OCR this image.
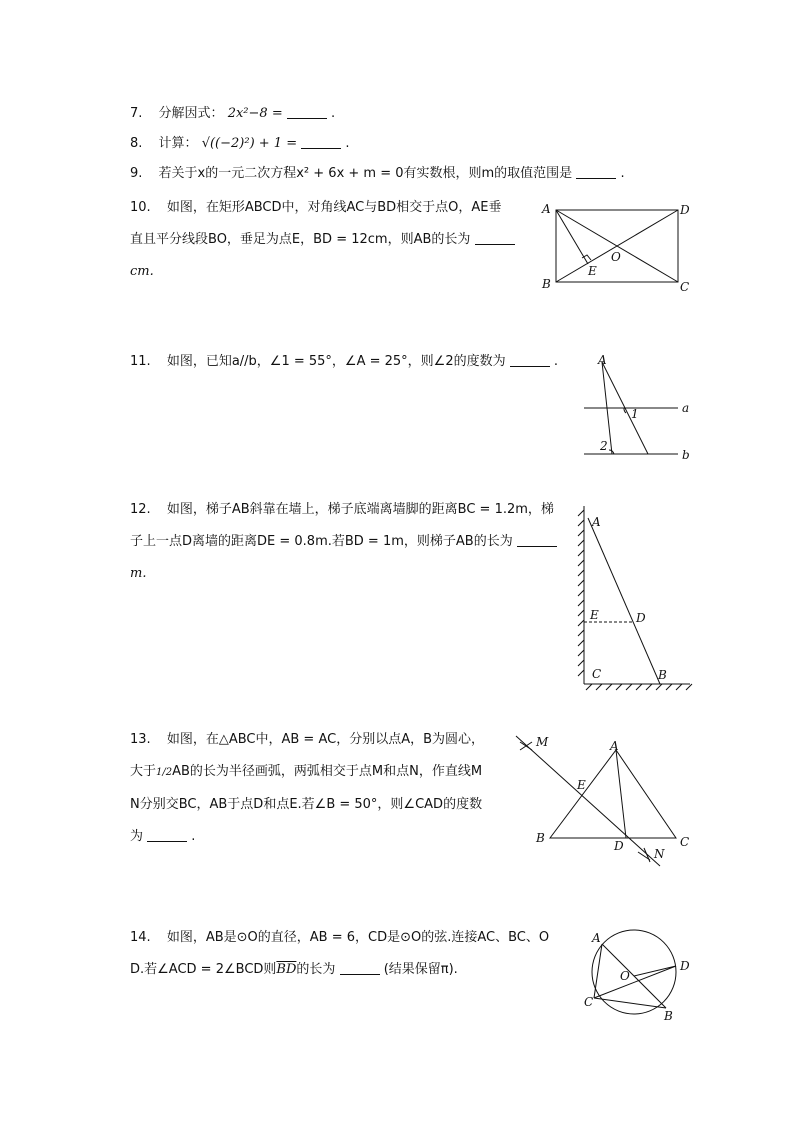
7. 分解因式： 2x²−8 =	.
8. 计算： √((−2)²) + 1 =	.
9. 若关于x的一元二次方程x² + 6x + m = 0有实数根，则m的取值范围是	.
10. 如图，在矩形ABCD中，对角线AC与BD相交于点O，AE垂
直且平分线段BO，垂足为点E，BD = 12cm，则AB的长为
cm.
A
B	C
D
E
O
11. 如图，已知a//b，∠1 = 55°，∠A = 25°，则∠2的度数为	.	A
a
b
1
2
12. 如图，梯子AB斜靠在墙上，梯子底端离墙脚的距离BC = 1.2m，梯
子上一点D离墙的距离DE = 0.8m.若BD = 1m，则梯子AB的长为
m.
A
E	D
C	B
13. 如图，在△ABC中，AB = AC，分别以点A，B为圆心，
大于1/2AB的长为半径画弧，两弧相交于点M和点N，作直线M
N分别交BC，AB于点D和点E.若∠B = 50°，则∠CAD的度数
为	.
M	A
E
B
D	C
N
14. 如图，AB是⊙O的直径，AB = 6，CD是⊙O的弦.连接AC、BC、O
D.若∠ACD = 2∠BCD则$\overline{BD}$的长为	(结果保留π).
A
O
D
C
B
